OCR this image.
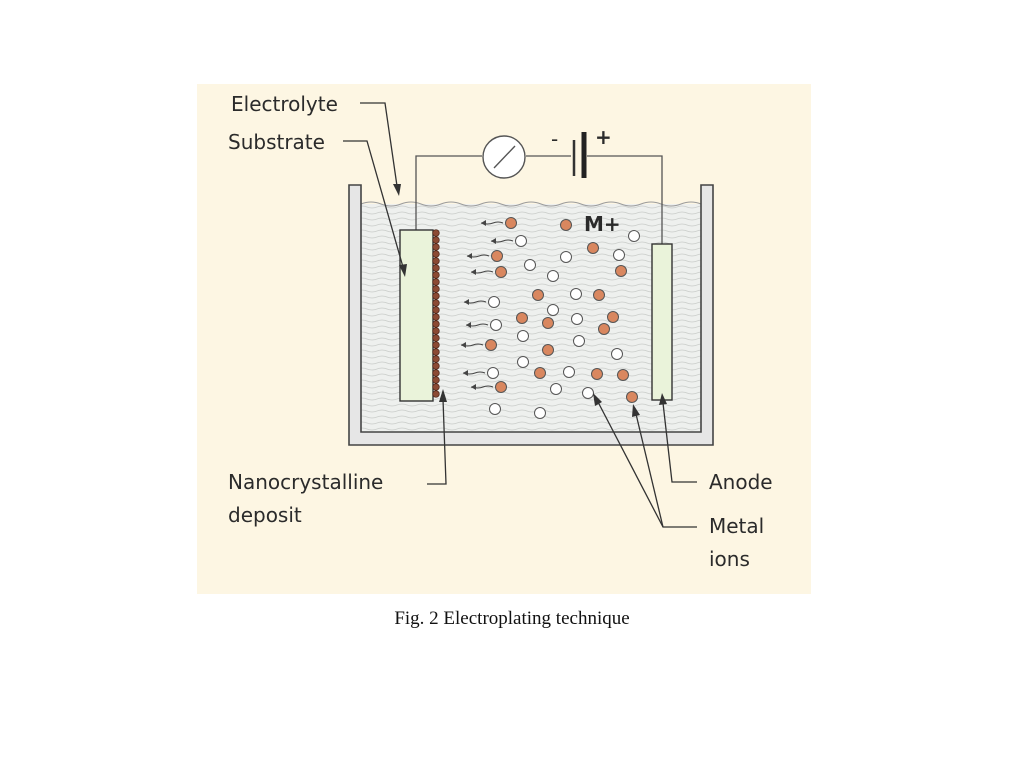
- +
M+
Electrolyte
Substrate
Nanocrystalline
deposit
Anode
Metal
ions
Fig. 2 Electroplating technique
